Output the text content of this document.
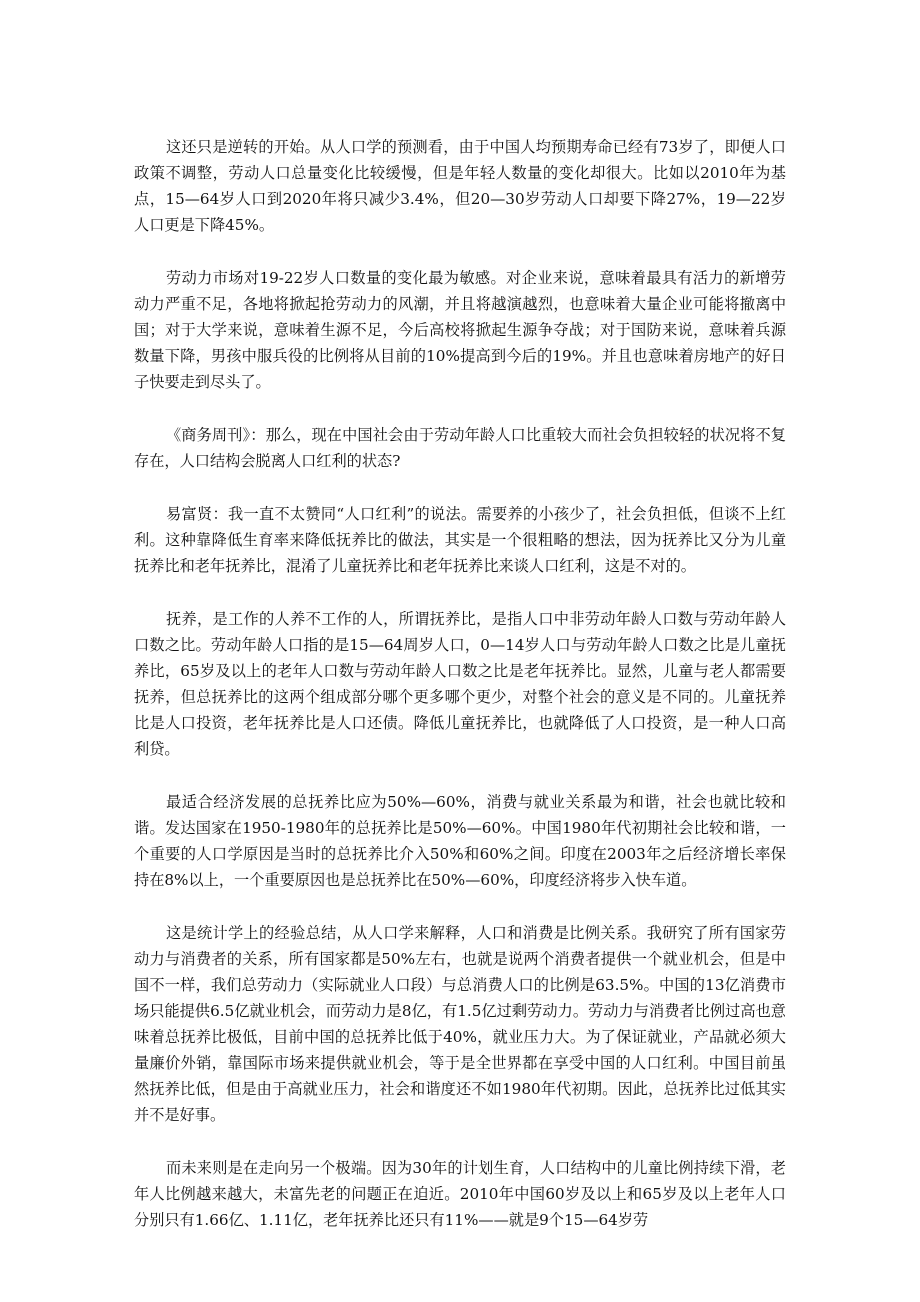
这还只是逆转的开始。从人口学的预测看，由于中国人均预期寿命已经有73岁了，即便人口政策不调整，劳动人口总量变化比较缓慢，但是年轻人数量的变化却很大。比如以2010年为基点，15—64岁人口到2020年将只减少3.4%，但20—30岁劳动人口却要下降27%，19—22岁人口更是下降45%。

劳动力市场对19-22岁人口数量的变化最为敏感。对企业来说，意味着最具有活力的新增劳动力严重不足，各地将掀起抢劳动力的风潮，并且将越演越烈，也意味着大量企业可能将撤离中国；对于大学来说，意味着生源不足，今后高校将掀起生源争夺战；对于国防来说，意味着兵源数量下降，男孩中服兵役的比例将从目前的10%提高到今后的19%。并且也意味着房地产的好日子快要走到尽头了。

《商务周刊》：那么，现在中国社会由于劳动年龄人口比重较大而社会负担较轻的状况将不复存在，人口结构会脱离人口红利的状态?

易富贤：我一直不太赞同“人口红利”的说法。需要养的小孩少了，社会负担低，但谈不上红利。这种靠降低生育率来降低抚养比的做法，其实是一个很粗略的想法，因为抚养比又分为儿童抚养比和老年抚养比，混淆了儿童抚养比和老年抚养比来谈人口红利，这是不对的。

抚养，是工作的人养不工作的人，所谓抚养比，是指人口中非劳动年龄人口数与劳动年龄人口数之比。劳动年龄人口指的是15—64周岁人口，0—14岁人口与劳动年龄人口数之比是儿童抚养比，65岁及以上的老年人口数与劳动年龄人口数之比是老年抚养比。显然，儿童与老人都需要抚养，但总抚养比的这两个组成部分哪个更多哪个更少，对整个社会的意义是不同的。儿童抚养比是人口投资，老年抚养比是人口还债。降低儿童抚养比，也就降低了人口投资，是一种人口高利贷。

最适合经济发展的总抚养比应为50%—60%，消费与就业关系最为和谐，社会也就比较和谐。发达国家在1950-1980年的总抚养比是50%—60%。中国1980年代初期社会比较和谐，一个重要的人口学原因是当时的总抚养比介入50%和60%之间。印度在2003年之后经济增长率保持在8%以上，一个重要原因也是总抚养比在50%—60%，印度经济将步入快车道。

这是统计学上的经验总结，从人口学来解释，人口和消费是比例关系。我研究了所有国家劳动力与消费者的关系，所有国家都是50%左右，也就是说两个消费者提供一个就业机会，但是中国不一样，我们总劳动力（实际就业人口段）与总消费人口的比例是63.5%。中国的13亿消费市场只能提供6.5亿就业机会，而劳动力是8亿，有1.5亿过剩劳动力。劳动力与消费者比例过高也意味着总抚养比极低，目前中国的总抚养比低于40%，就业压力大。为了保证就业，产品就必须大量廉价外销，靠国际市场来提供就业机会，等于是全世界都在享受中国的人口红利。中国目前虽然抚养比低，但是由于高就业压力，社会和谐度还不如1980年代初期。因此，总抚养比过低其实并不是好事。

而未来则是在走向另一个极端。因为30年的计划生育，人口结构中的儿童比例持续下滑，老年人比例越来越大，未富先老的问题正在迫近。2010年中国60岁及以上和65岁及以上老年人口分别只有1.66亿、1.11亿，老年抚养比还只有11%——就是9个15—64岁劳
